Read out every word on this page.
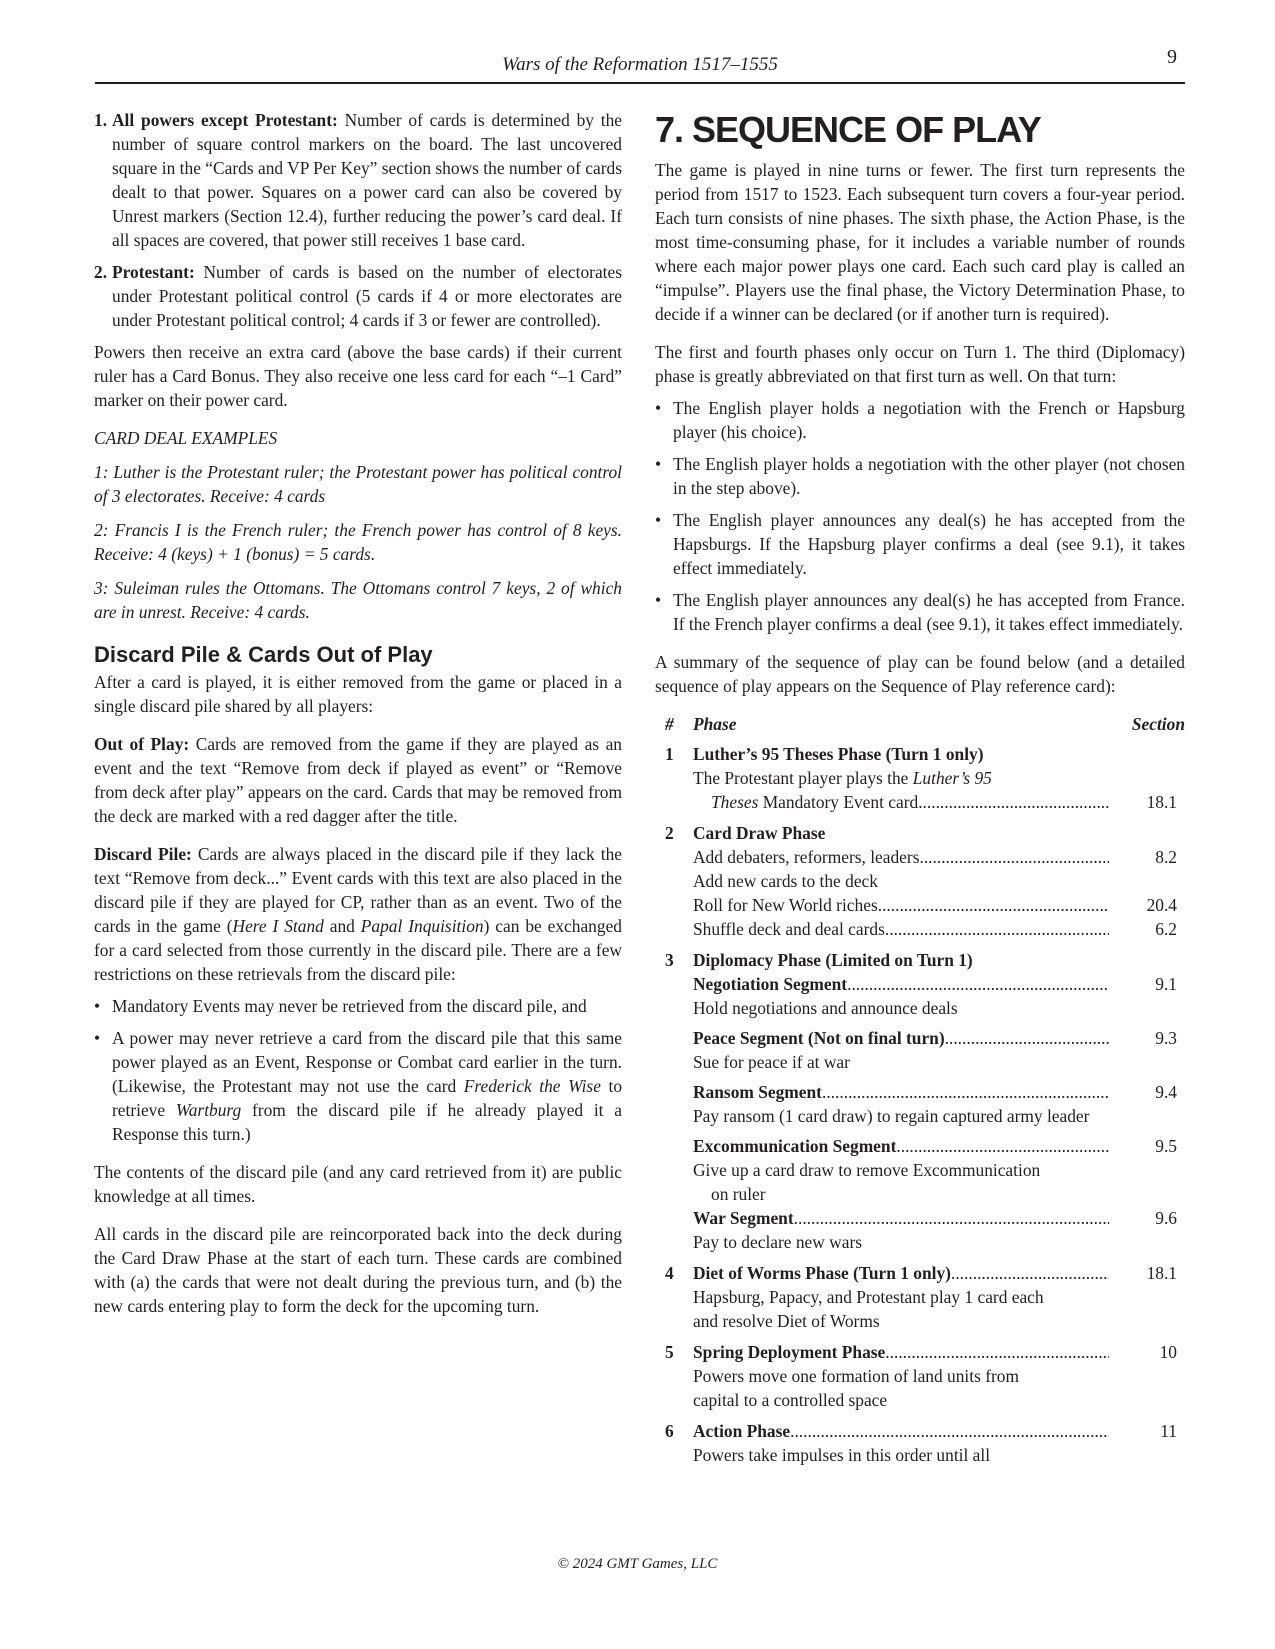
Wars of the Reformation 1517–1555	9
1. All powers except Protestant: Number of cards is determined by the number of square control markers on the board. The last uncovered square in the “Cards and VP Per Key” section shows the number of cards dealt to that power. Squares on a power card can also be covered by Unrest markers (Section 12.4), further reducing the power’s card deal. If all spaces are covered, that power still receives 1 base card.
2. Protestant: Number of cards is based on the number of electorates under Protestant political control (5 cards if 4 or more electorates are under Protestant political control; 4 cards if 3 or fewer are controlled).

Powers then receive an extra card (above the base cards) if their current ruler has a Card Bonus. They also receive one less card for each “–1 Card” marker on their power card.

CARD DEAL EXAMPLES
1: Luther is the Protestant ruler; the Protestant power has political control of 3 electorates. Receive: 4 cards
2: Francis I is the French ruler; the French power has control of 8 keys. Receive: 4 (keys) + 1 (bonus) = 5 cards.
3: Suleiman rules the Ottomans. The Ottomans control 7 keys, 2 of which are in unrest. Receive: 4 cards.
Discard Pile & Cards Out of Play

After a card is played, it is either removed from the game or placed in a single discard pile shared by all players:

Out of Play: Cards are removed from the game if they are played as an event and the text “Remove from deck if played as event” or “Remove from deck after play” appears on the card. Cards that may be removed from the deck are marked with a red dagger after the title.

Discard Pile: Cards are always placed in the discard pile if they lack the text “Remove from deck...” Event cards with this text are also placed in the discard pile if they are played for CP, rather than as an event. Two of the cards in the game (Here I Stand and Papal Inquisition) can be exchanged for a card selected from those currently in the discard pile. There are a few restrictions on these retrievals from the discard pile:

• Mandatory Events may never be retrieved from the discard pile, and
• A power may never retrieve a card from the discard pile that this same power played as an Event, Response or Combat card earlier in the turn. (Likewise, the Protestant may not use the card Frederick the Wise to retrieve Wartburg from the discard pile if he already played it a Response this turn.)

The contents of the discard pile (and any card retrieved from it) are public knowledge at all times.

All cards in the discard pile are reincorporated back into the deck during the Card Draw Phase at the start of each turn. These cards are combined with (a) the cards that were not dealt during the previous turn, and (b) the new cards entering play to form the deck for the upcoming turn.

7. SEQUENCE OF PLAY

The game is played in nine turns or fewer. The first turn represents the period from 1517 to 1523. Each subsequent turn covers a four-year period. Each turn consists of nine phases. The sixth phase, the Action Phase, is the most time-consuming phase, for it includes a variable number of rounds where each major power plays one card. Each such card play is called an “impulse”. Players use the final phase, the Victory Determination Phase, to decide if a winner can be declared (or if another turn is required).

The first and fourth phases only occur on Turn 1. The third (Diplomacy) phase is greatly abbreviated on that first turn as well. On that turn:

• The English player holds a negotiation with the French or Hapsburg player (his choice).
• The English player holds a negotiation with the other player (not chosen in the step above).
• The English player announces any deal(s) he has accepted from the Hapsburgs. If the Hapsburg player confirms a deal (see 9.1), it takes effect immediately.
• The English player announces any deal(s) he has accepted from France. If the French player confirms a deal (see 9.1), it takes effect immediately.

A summary of the sequence of play can be found below (and a detailed sequence of play appears on the Sequence of Play reference card):

#	Phase	Section
1	Luther’s 95 Theses Phase (Turn 1 only)
The Protestant player plays the Luther’s 95
Theses Mandatory Event card .....	18.1
2	Card Draw Phase
Add debaters, reformers, leaders .....	8.2
Add new cards to the deck
Roll for New World riches .....	20.4
Shuffle deck and deal cards .....	6.2
3	Diplomacy Phase (Limited on Turn 1)
Negotiation Segment .....	9.1
Hold negotiations and announce deals
Peace Segment (Not on final turn) .....	9.3
Sue for peace if at war
Ransom Segment .....	9.4
Pay ransom (1 card draw) to regain captured army leader
Excommunication Segment .....	9.5
Give up a card draw to remove Excommunication
on ruler
War Segment .....	9.6
Pay to declare new wars
4	Diet of Worms Phase (Turn 1 only) .....	18.1
Hapsburg, Papacy, and Protestant play 1 card each
and resolve Diet of Worms
5	Spring Deployment Phase .....	10
Powers move one formation of land units from
capital to a controlled space
6	Action Phase .....	11
Powers take impulses in this order until all
© 2024 GMT Games, LLC
